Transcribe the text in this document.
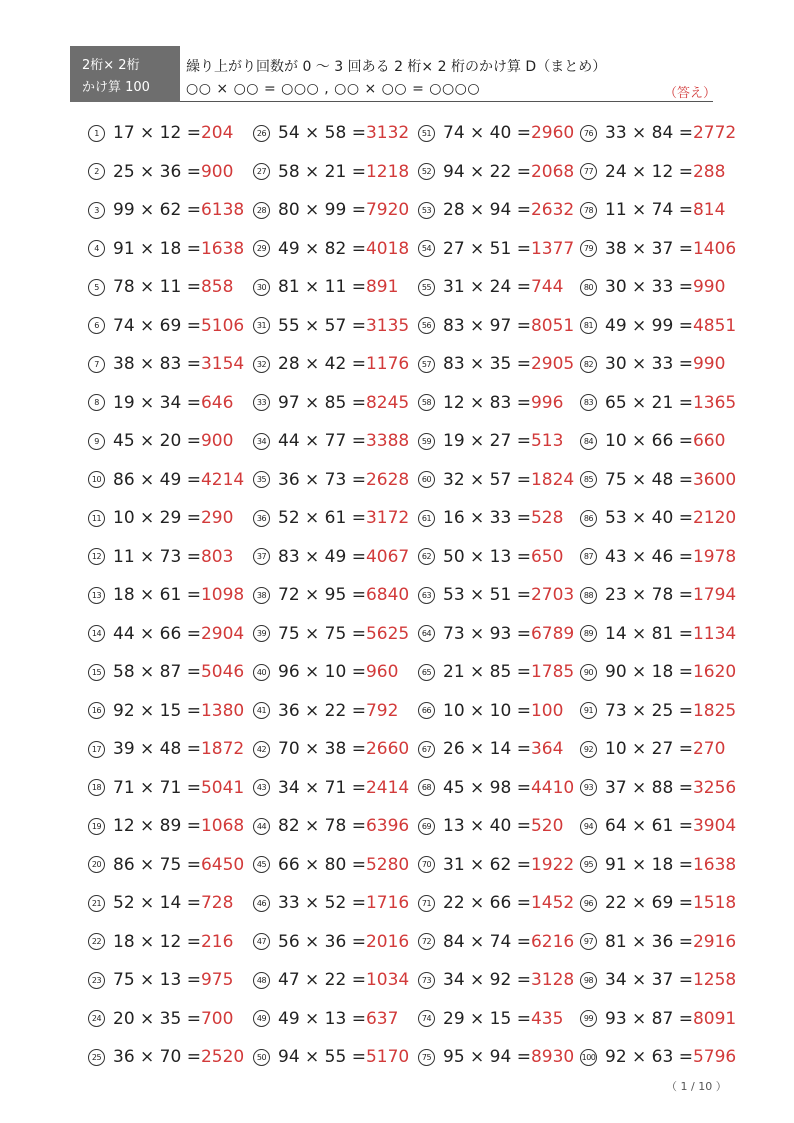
2桁× 2桁
かけ算 100
繰り上がり回数が 0 ～ 3 回ある 2 桁× 2 桁のかけ算 D（まとめ）
○○ × ○○ = ○○○ , ○○ × ○○ = ○○○○	（答え）
1 17 × 12 = 204
2 25 × 36 = 900
3 99 × 62 = 6138
4 91 × 18 = 1638
5 78 × 11 = 858
6 74 × 69 = 5106
7 38 × 83 = 3154
8 19 × 34 = 646
9 45 × 20 = 900
10 86 × 49 = 4214
11 10 × 29 = 290
12 11 × 73 = 803
13 18 × 61 = 1098
14 44 × 66 = 2904
15 58 × 87 = 5046
16 92 × 15 = 1380
17 39 × 48 = 1872
18 71 × 71 = 5041
19 12 × 89 = 1068
20 86 × 75 = 6450
21 52 × 14 = 728
22 18 × 12 = 216
23 75 × 13 = 975
24 20 × 35 = 700
25 36 × 70 = 2520
26 54 × 58 = 3132
27 58 × 21 = 1218
28 80 × 99 = 7920
29 49 × 82 = 4018
30 81 × 11 = 891
31 55 × 57 = 3135
32 28 × 42 = 1176
33 97 × 85 = 8245
34 44 × 77 = 3388
35 36 × 73 = 2628
36 52 × 61 = 3172
37 83 × 49 = 4067
38 72 × 95 = 6840
39 75 × 75 = 5625
40 96 × 10 = 960
41 36 × 22 = 792
42 70 × 38 = 2660
43 34 × 71 = 2414
44 82 × 78 = 6396
45 66 × 80 = 5280
46 33 × 52 = 1716
47 56 × 36 = 2016
48 47 × 22 = 1034
49 49 × 13 = 637
50 94 × 55 = 5170
51 74 × 40 = 2960
52 94 × 22 = 2068
53 28 × 94 = 2632
54 27 × 51 = 1377
55 31 × 24 = 744
56 83 × 97 = 8051
57 83 × 35 = 2905
58 12 × 83 = 996
59 19 × 27 = 513
60 32 × 57 = 1824
61 16 × 33 = 528
62 50 × 13 = 650
63 53 × 51 = 2703
64 73 × 93 = 6789
65 21 × 85 = 1785
66 10 × 10 = 100
67 26 × 14 = 364
68 45 × 98 = 4410
69 13 × 40 = 520
70 31 × 62 = 1922
71 22 × 66 = 1452
72 84 × 74 = 6216
73 34 × 92 = 3128
74 29 × 15 = 435
75 95 × 94 = 8930
76 33 × 84 = 2772
77 24 × 12 = 288
78 11 × 74 = 814
79 38 × 37 = 1406
80 30 × 33 = 990
81 49 × 99 = 4851
82 30 × 33 = 990
83 65 × 21 = 1365
84 10 × 66 = 660
85 75 × 48 = 3600
86 53 × 40 = 2120
87 43 × 46 = 1978
88 23 × 78 = 1794
89 14 × 81 = 1134
90 90 × 18 = 1620
91 73 × 25 = 1825
92 10 × 27 = 270
93 37 × 88 = 3256
94 64 × 61 = 3904
95 91 × 18 = 1638
96 22 × 69 = 1518
97 81 × 36 = 2916
98 34 × 37 = 1258
99 93 × 87 = 8091
100 92 × 63 = 5796
（ 1 / 10 ）
